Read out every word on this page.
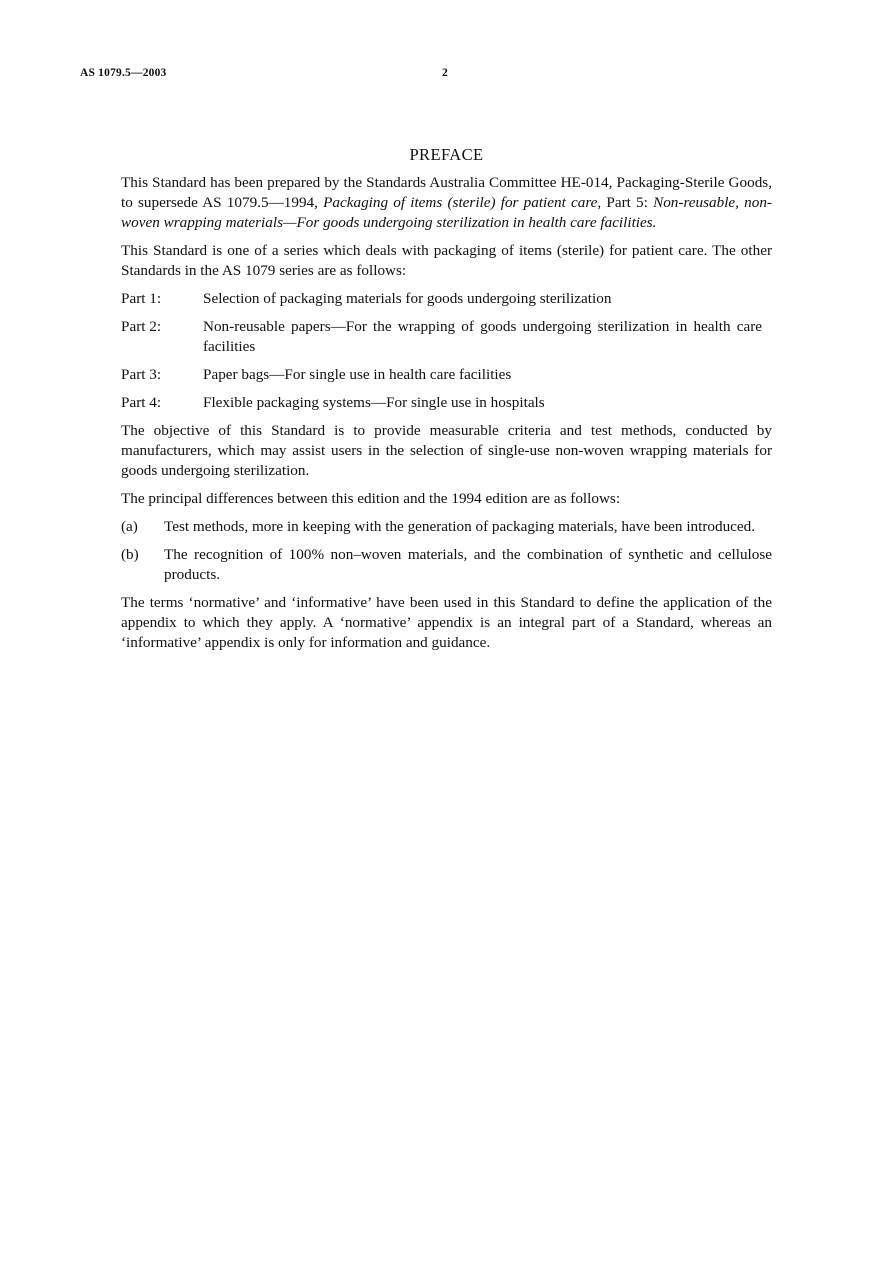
AS 1079.5—2003	2
PREFACE

This Standard has been prepared by the Standards Australia Committee HE-014, Packaging-Sterile Goods, to supersede AS 1079.5—1994, Packaging of items (sterile) for patient care, Part 5: Non-reusable, non-woven wrapping materials—For goods undergoing sterilization in health care facilities.

This Standard is one of a series which deals with packaging of items (sterile) for patient care. The other Standards in the AS 1079 series are as follows:

Part 1:	Selection of packaging materials for goods undergoing sterilization
Part 2:	Non-reusable papers—For the wrapping of goods undergoing sterilization in health care facilities
Part 3:	Paper bags—For single use in health care facilities
Part 4:	Flexible packaging systems—For single use in hospitals

The objective of this Standard is to provide measurable criteria and test methods, conducted by manufacturers, which may assist users in the selection of single-use non-woven wrapping materials for goods undergoing sterilization.

The principal differences between this edition and the 1994 edition are as follows:

(a)	Test methods, more in keeping with the generation of packaging materials, have been introduced.
(b)	The recognition of 100% non–woven materials, and the combination of synthetic and cellulose products.

The terms ‘normative’ and ‘informative’ have been used in this Standard to define the application of the appendix to which they apply. A ‘normative’ appendix is an integral part of a Standard, whereas an ‘informative’ appendix is only for information and guidance.
